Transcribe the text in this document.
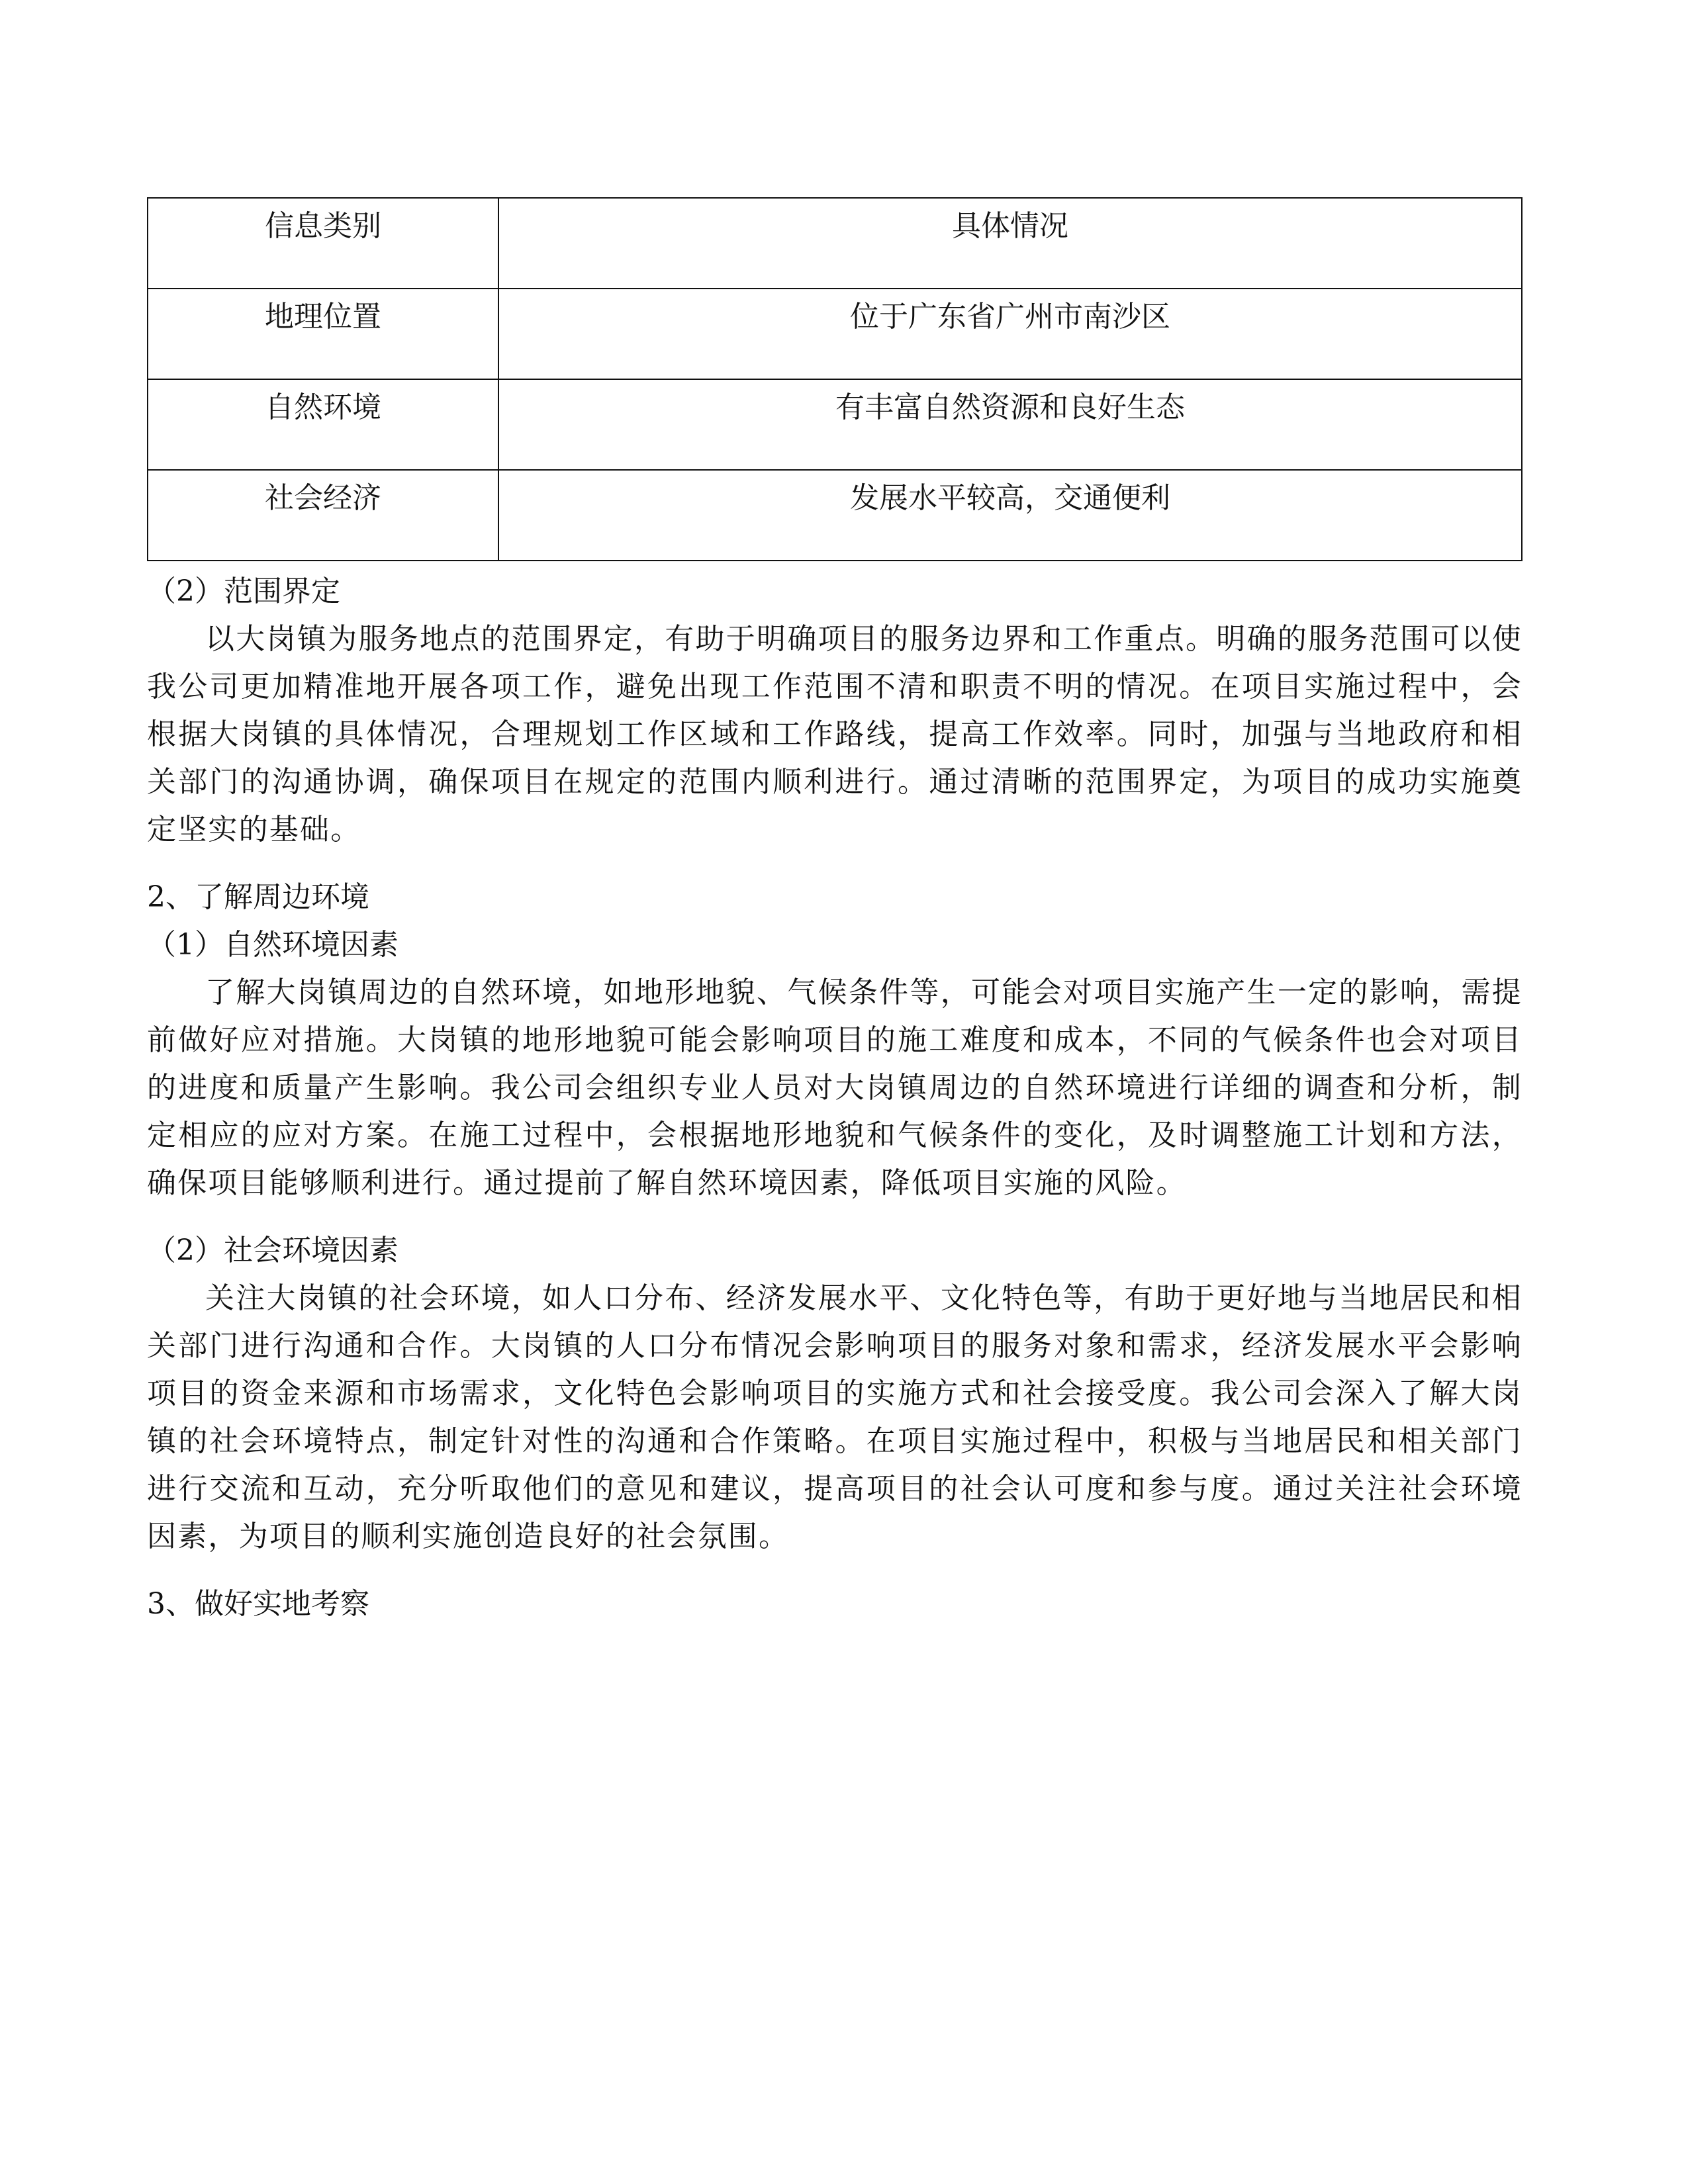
信息类别	具体情况
地理位置	位于广东省广州市南沙区
自然环境	有丰富自然资源和良好生态
社会经济	发展水平较高，交通便利
（2）范围界定

以大岗镇为服务地点的范围界定，有助于明确项目的服务边界和工作重点。明确的服务范围可以使我公司更加精准地开展各项工作，避免出现工作范围不清和职责不明的情况。在项目实施过程中，会根据大岗镇的具体情况，合理规划工作区域和工作路线，提高工作效率。同时，加强与当地政府和相关部门的沟通协调，确保项目在规定的范围内顺利进行。通过清晰的范围界定，为项目的成功实施奠定坚实的基础。

2、了解周边环境
（1）自然环境因素

了解大岗镇周边的自然环境，如地形地貌、气候条件等，可能会对项目实施产生一定的影响，需提前做好应对措施。大岗镇的地形地貌可能会影响项目的施工难度和成本，不同的气候条件也会对项目的进度和质量产生影响。我公司会组织专业人员对大岗镇周边的自然环境进行详细的调查和分析，制定相应的应对方案。在施工过程中，会根据地形地貌和气候条件的变化，及时调整施工计划和方法，确保项目能够顺利进行。通过提前了解自然环境因素，降低项目实施的风险。

（2）社会环境因素

关注大岗镇的社会环境，如人口分布、经济发展水平、文化特色等，有助于更好地与当地居民和相关部门进行沟通和合作。大岗镇的人口分布情况会影响项目的服务对象和需求，经济发展水平会影响项目的资金来源和市场需求，文化特色会影响项目的实施方式和社会接受度。我公司会深入了解大岗镇的社会环境特点，制定针对性的沟通和合作策略。在项目实施过程中，积极与当地居民和相关部门进行交流和互动，充分听取他们的意见和建议，提高项目的社会认可度和参与度。通过关注社会环境因素，为项目的顺利实施创造良好的社会氛围。

3、做好实地考察
